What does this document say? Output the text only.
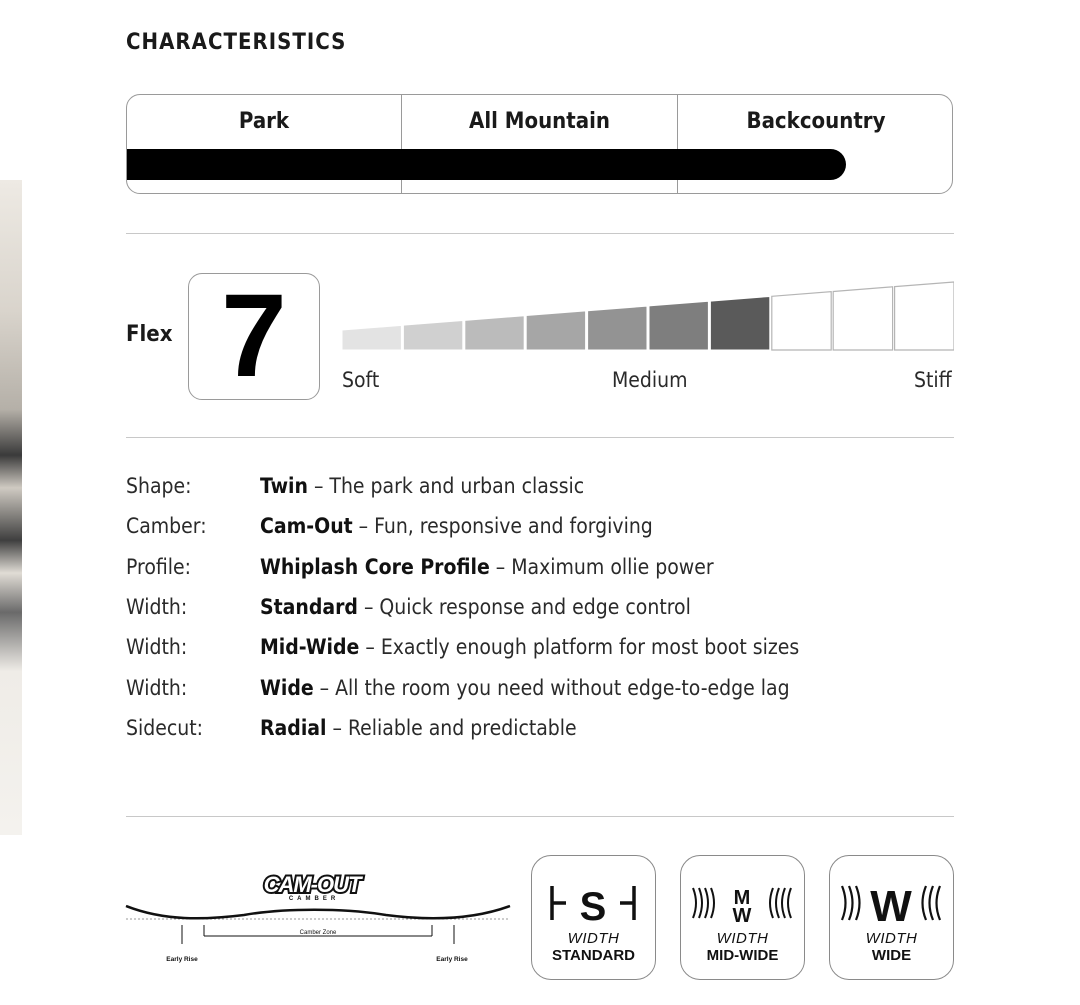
CHARACTERISTICS
Park	All Mountain	Backcountry
Flex 7	Soft	Medium	Stiff
Shape:	Twin – The park and urban classic
Camber:	Cam-Out – Fun, responsive and forgiving
Profile:	Whiplash Core Profile – Maximum ollie power
Width:	Standard – Quick response and edge control
Width:	Mid-Wide – Exactly enough platform for most boot sizes
Width:	Wide – All the room you need without edge-to-edge lag
Sidecut:	Radial – Reliable and predictable
CAM-OUT
CAMBER
Camber Zone
Early Rise	Early Rise
S
WIDTH
STANDARD
M
W
WIDTH
MID-WIDE
W
WIDTH
WIDE
